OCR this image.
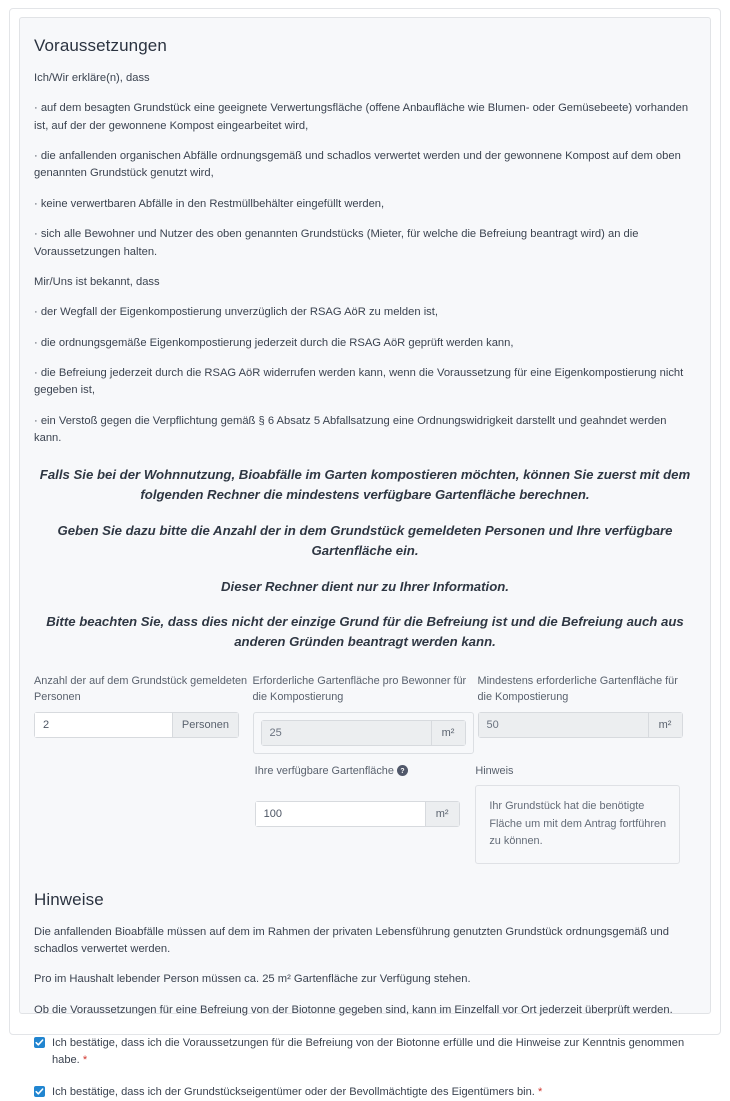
Voraussetzungen

Ich/Wir erkläre(n), dass

· auf dem besagten Grundstück eine geeignete Verwertungsfläche (offene Anbaufläche wie Blumen- oder Gemüsebeete) vorhanden ist, auf der der gewonnene Kompost eingearbeitet wird,

· die anfallenden organischen Abfälle ordnungsgemäß und schadlos verwertet werden und der gewonnene Kompost auf dem oben genannten Grundstück genutzt wird,

· keine verwertbaren Abfälle in den Restmüllbehälter eingefüllt werden,

· sich alle Bewohner und Nutzer des oben genannten Grundstücks (Mieter, für welche die Befreiung beantragt wird) an die Voraussetzungen halten.

Mir/Uns ist bekannt, dass

· der Wegfall der Eigenkompostierung unverzüglich der RSAG AöR zu melden ist,

· die ordnungsgemäße Eigenkompostierung jederzeit durch die RSAG AöR geprüft werden kann,

· die Befreiung jederzeit durch die RSAG AöR widerrufen werden kann, wenn die Voraussetzung für eine Eigenkompostierung nicht gegeben ist,

· ein Verstoß gegen die Verpflichtung gemäß § 6 Absatz 5 Abfallsatzung eine Ordnungswidrigkeit darstellt und geahndet werden kann.

Falls Sie bei der Wohnnutzung, Bioabfälle im Garten kompostieren möchten, können Sie zuerst mit dem folgenden Rechner die mindestens verfügbare Gartenfläche berechnen.

Geben Sie dazu bitte die Anzahl der in dem Grundstück gemeldeten Personen und Ihre verfügbare Gartenfläche ein.

Dieser Rechner dient nur zu Ihrer Information.

Bitte beachten Sie, dass dies nicht der einzige Grund für die Befreiung ist und die Befreiung auch aus anderen Gründen beantragt werden kann.

Anzahl der auf dem Grundstück gemeldeten Personen
2
Personen
Erforderliche Gartenfläche pro Bewonner für die Kompostierung
25
m²
Mindestens erforderliche Gartenfläche für die Kompostierung
50
m²
Ihre verfügbare Gartenfläche ?
100
m²
Hinweis
Ihr Grundstück hat die benötigte Fläche um mit dem Antrag fortführen zu können.
Hinweise

Die anfallenden Bioabfälle müssen auf dem im Rahmen der privaten Lebensführung genutzten Grundstück ordnungsgemäß und schadlos verwertet werden.

Pro im Haushalt lebender Person müssen ca. 25 m² Gartenfläche zur Verfügung stehen.

Ob die Voraussetzungen für eine Befreiung von der Biotonne gegeben sind, kann im Einzelfall vor Ort jederzeit überprüft werden.

Ich bestätige, dass ich die Voraussetzungen für die Befreiung von der Biotonne erfülle und die Hinweise zur Kenntnis genommen habe. *
Ich bestätige, dass ich der Grundstückseigentümer oder der Bevollmächtigte des Eigentümers bin. *
